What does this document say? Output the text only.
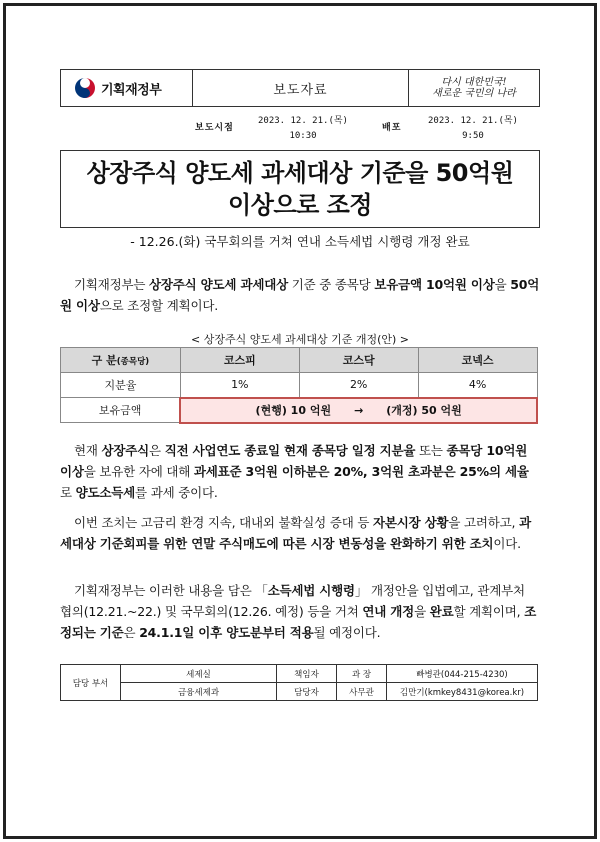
기획재정부	보도자료	다시 대한민국!
새로운 국민의 나라
보도시점
2023. 12. 21.(목)
10:30
배포
2023. 12. 21.(목)
9:50
상장주식 양도세 과세대상 기준을 50억원
이상으로 조정
- 12.26.(화) 국무회의를 거쳐 연내 소득세법 시행령 개정 완료
기획재정부는 상장주식 양도세 과세대상 기준 중 종목당 보유금액 10억원 이상을 50억원 이상으로 조정할 계획이다.
< 상장주식 양도세 과세대상 기준 개정(안) >
구 분(종목당)	코스피	코스닥	코넥스
지분율	1%	2%	4%
보유금액	(현행) 10 억원 → (개정) 50 억원		
현재 상장주식은 직전 사업연도 종료일 현재 종목당 일정 지분율 또는 종목당 10억원 이상을 보유한 자에 대해 과세표준 3억원 이하분은 20%, 3억원 초과분은 25%의 세율로 양도소득세를 과세 중이다.
이번 조치는 고금리 환경 지속, 대내외 불확실성 증대 등 자본시장 상황을 고려하고, 과세대상 기준회피를 위한 연말 주식매도에 따른 시장 변동성을 완화하기 위한 조치이다.
기획재정부는 이러한 내용을 담은 「소득세법 시행령」 개정안을 입법예고, 관계부처 협의(12.21.~22.) 및 국무회의(12.26. 예정) 등을 거쳐 연내 개정을 완료할 계획이며, 조정되는 기준은 24.1.1일 이후 양도분부터 적용될 예정이다.
담당 부서	세제실	책임자	과 장	빠병관(044-215-4230)
	금융세제과	담당자	사무관	김만기(kmkey8431@korea.kr)
